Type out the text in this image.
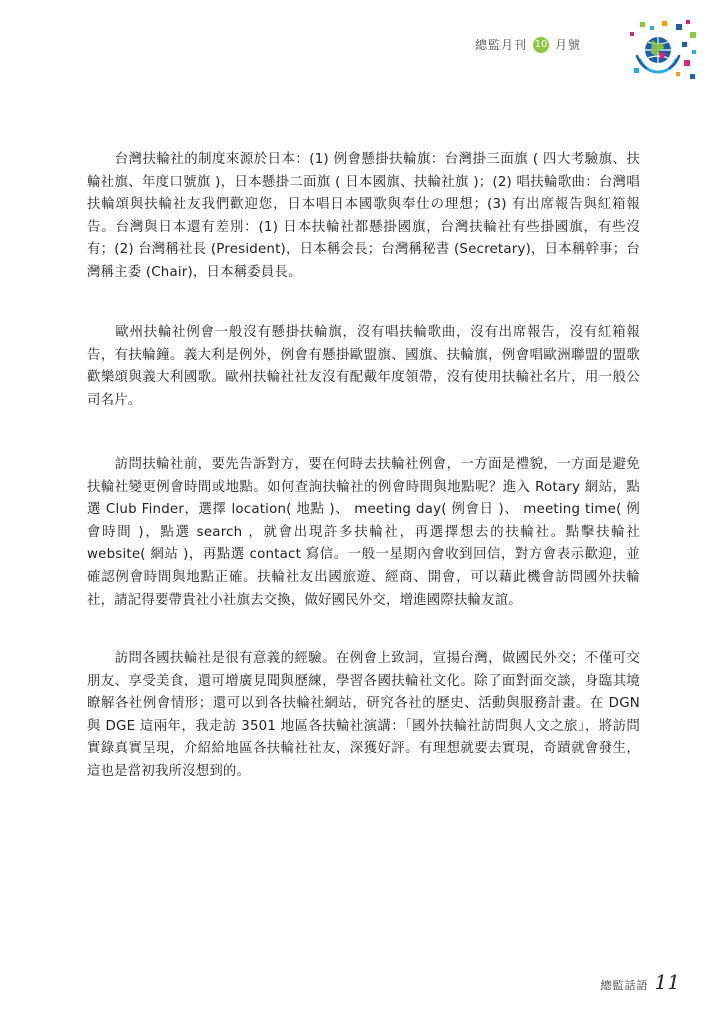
總監月刊 10 月號

　　台灣扶輪社的制度來源於日本：(1) 例會懸掛扶輪旗：台灣掛三面旗 ( 四大考驗旗、扶輪社旗、年度口號旗 )，日本懸掛二面旗 ( 日本國旗、扶輪社旗 )；(2) 唱扶輪歌曲：台灣唱扶輪頌與扶輪社友我們歡迎您，日本唱日本國歌與奉仕の理想；(3) 有出席報告與紅箱報告。台灣與日本還有差別：(1) 日本扶輪社都懸掛國旗，台灣扶輪社有些掛國旗，有些沒有；(2) 台灣稱社長 (President)，日本稱会長；台灣稱秘書 (Secretary)，日本稱幹事；台灣稱主委 (Chair)，日本稱委員長。

　　歐州扶輪社例會一般沒有懸掛扶輪旗，沒有唱扶輪歌曲，沒有出席報告，沒有紅箱報告，有扶輪鐘。義大利是例外，例會有懸掛歐盟旗、國旗、扶輪旗，例會唱歐洲聯盟的盟歌歡樂頌與義大利國歌。歐州扶輪社社友沒有配戴年度領帶，沒有使用扶輪社名片，用一般公司名片。

　　訪問扶輪社前，要先告訴對方，要在何時去扶輪社例會，一方面是禮貌，一方面是避免扶輪社變更例會時間或地點。如何查詢扶輪社的例會時間與地點呢？進入 Rotary 網站，點選 Club Finder，選擇 location( 地點 )、 meeting day( 例會日 )、 meeting time( 例會時間 )，點選 search ，就會出現許多扶輪社，再選擇想去的扶輪社。點擊扶輪社 website( 網站 )，再點選 contact 寫信。一般一星期內會收到回信，對方會表示歡迎，並確認例會時間與地點正確。扶輪社友出國旅遊、經商、開會，可以藉此機會訪問國外扶輪社，請記得要帶貴社小社旗去交換，做好國民外交，增進國際扶輪友誼。

　　訪問各國扶輪社是很有意義的經驗。在例會上致詞，宣揚台灣，做國民外交；不僅可交朋友、享受美食，還可增廣見聞與歷練，學習各國扶輪社文化。除了面對面交談，身臨其境瞭解各社例會情形；還可以到各扶輪社網站，研究各社的歷史、活動與服務計畫。在 DGN 與 DGE 這兩年，我走訪 3501 地區各扶輪社演講：「國外扶輪社訪問與人文之旅」，將訪問實錄真實呈現，介紹給地區各扶輪社社友，深獲好評。有理想就要去實現，奇蹟就會發生，這也是當初我所沒想到的。

總監話語 11
